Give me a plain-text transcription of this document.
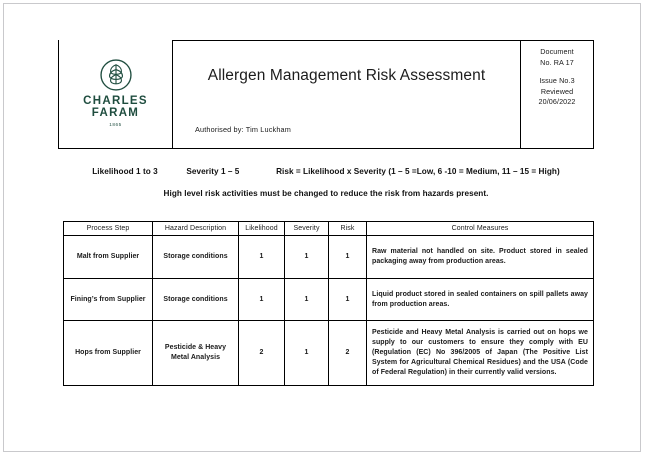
CHARLES
FARAM
1865
Allergen Management Risk Assessment
Authorised by: Tim Luckham
Document
No. RA 17
Issue No.3
Reviewed
20/06/2022
Likelihood 1 to 3	Severity 1 – 5	Risk = Likelihood x Severity (1 – 5 =Low, 6 -10 = Medium, 11 – 15 = High)
High level risk activities must be changed to reduce the risk from hazards present.
Process Step	Hazard Description	Likelihood	Severity	Risk	Control Measures
Malt from Supplier	Storage conditions	1	1	1	Raw material not handled on site. Product stored in sealed packaging away from production areas.
Fining’s from Supplier	Storage conditions	1	1	1	Liquid product stored in sealed containers on spill pallets away from production areas.
Hops from Supplier	Pesticide & Heavy Metal Analysis	2	1	2	Pesticide and Heavy Metal Analysis is carried out on hops we supply to our customers to ensure they comply with EU (Regulation (EC) No 396/2005 of Japan (The Positive List System for Agricultural Chemical Residues) and the USA (Code of Federal Regulation) in their currently valid versions.
